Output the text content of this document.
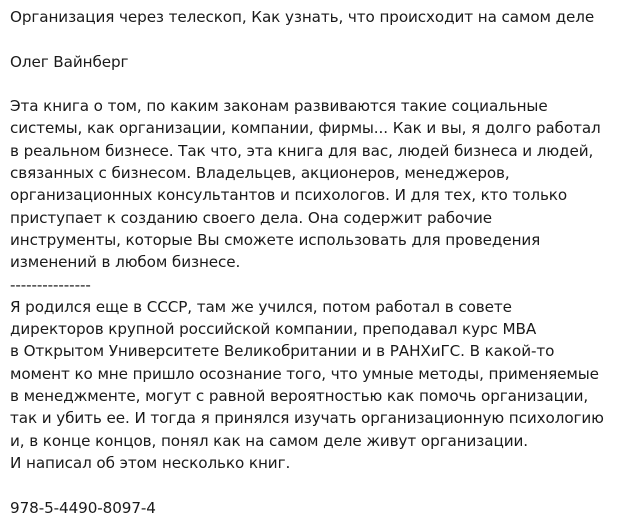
Организация через телескоп, Как узнать, что происходит на самом деле
Олег Вайнберг
Эта книга о том, по каким законам развиваются такие социальные
системы, как организации, компании, фирмы... Как и вы, я долго работал
в реальном бизнесе. Так что, эта книга для вас, людей бизнеса и людей,
связанных с бизнесом. Владельцев, акционеров, менеджеров,
организационных консультантов и психологов. И для тех, кто только
приступает к созданию своего дела. Она содержит рабочие
инструменты, которые Вы сможете использовать для проведения
изменений в любом бизнесе.
---------------
Я родился еще в СССР, там же учился, потом работал в совете
директоров крупной российской компании, преподавал курс MBA
в Открытом Университете Великобритании и в РАНХиГС. В какой-то
момент ко мне пришло осознание того, что умные методы, применяемые
в менеджменте, могут с равной вероятностью как помочь организации,
так и убить ее. И тогда я принялся изучать организационную психологию
и, в конце концов, понял как на самом деле живут организации.
И написал об этом несколько книг.
978-5-4490-8097-4
